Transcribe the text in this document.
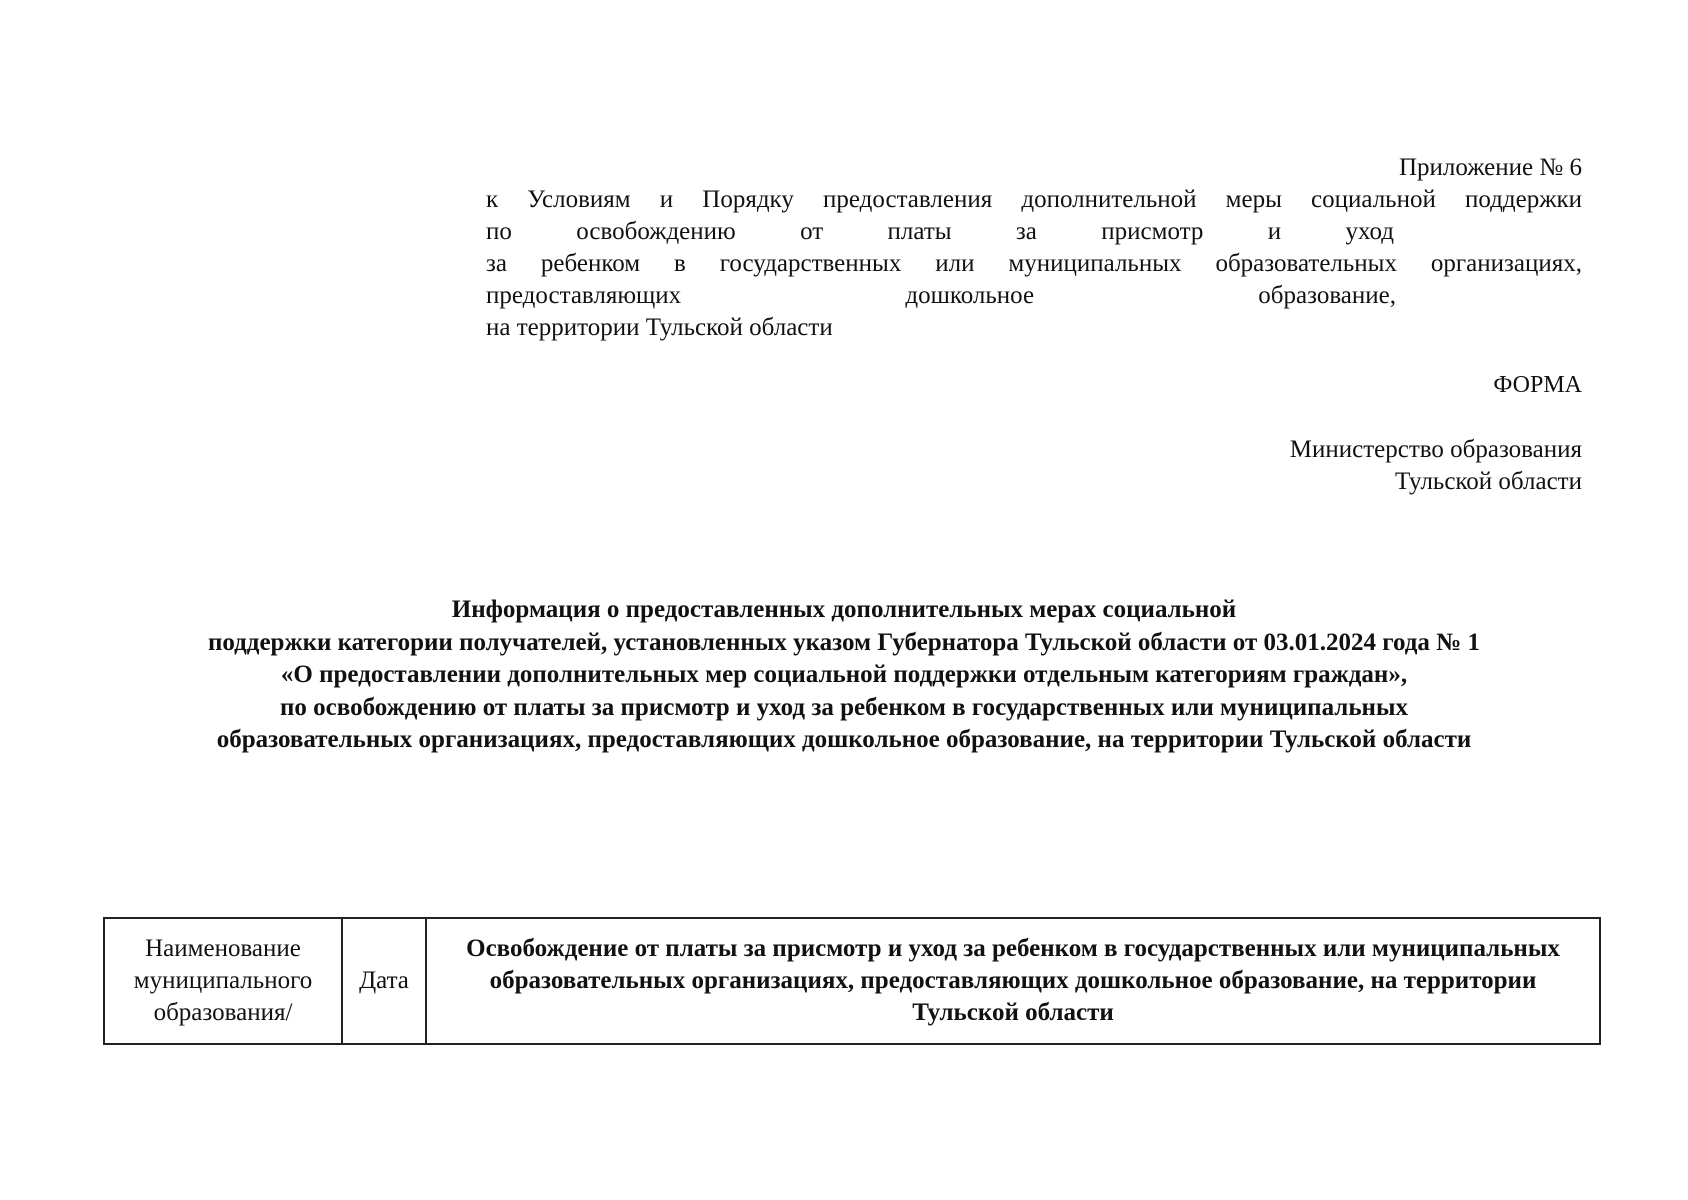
Приложение № 6

к Условиям и Порядку предоставления дополнительной меры социальной поддержки

по освобождению от платы за присмотр и уход

за ребенком в государственных или муниципальных образовательных организациях,

предоставляющих дошкольное образование,

на территории Тульской области

ФОРМА

Министерство образования

Тульской области

Информация о предоставленных дополнительных мерах социальной

поддержки категории получателей, установленных указом Губернатора Тульской области от 03.01.2024 года № 1

«О предоставлении дополнительных мер социальной поддержки отдельным категориям граждан»,

по освобождению от платы за присмотр и уход за ребенком в государственных или муниципальных

образовательных организациях, предоставляющих дошкольное образование, на территории Тульской области

Наименование муниципального образования/	Дата	Освобождение от платы за присмотр и уход за ребенком в государственных или муниципальных образовательных организациях, предоставляющих дошкольное образование, на территории Тульской области
